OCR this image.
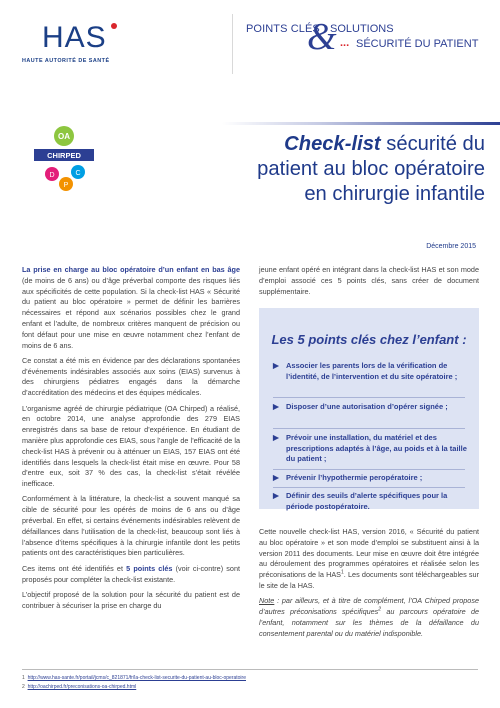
HAS
HAUTE AUTORITÉ DE SANTÉ
POINTS CLÉS
&
SOLUTIONS
SÉCURITÉ DU PATIENT
...
OA
CHIRPED
D
P
C
Check-list sécurité du
patient au bloc opératoire
en chirurgie infantile
Décembre 2015

La prise en charge au bloc opératoire d’un enfant en bas âge (de moins de 6 ans) ou d’âge préverbal comporte des risques liés aux spécificités de cette population. Si la check-list HAS « Sécurité du patient au bloc opératoire » permet de définir les barrières nécessaires et répond aux scénarios possibles chez le grand enfant et l’adulte, de nombreux critères manquent de précision ou font défaut pour une mise en œuvre notamment chez l’enfant de moins de 6 ans.

Ce constat a été mis en évidence par des déclarations spontanées d’événements indésirables associés aux soins (EIAS) survenus à des chirurgiens pédiatres engagés dans la démarche d’accréditation des médecins et des équipes médicales.

L’organisme agréé de chirurgie pédiatrique (OA Chirped) a réalisé, en octobre 2014, une analyse approfondie des 279 EIAS enregistrés dans sa base de retour d’expérience. En étudiant de manière plus approfondie ces EIAS, sous l’angle de l’efficacité de la check-list HAS à prévenir ou à atténuer un EIAS, 157 EIAS ont été identifiés dans lesquels la check-list était mise en œuvre. Pour 58 d’entre eux, soit 37 % des cas, la check-list s’était révélée inefficace.

Conformément à la littérature, la check-list a souvent manqué sa cible de sécurité pour les opérés de moins de 6 ans ou d’âge préverbal. En effet, si certains événements indésirables relèvent de défaillances dans l’utilisation de la check-list, beaucoup sont liés à l’absence d’items spécifiques à la chirurgie infantile dont les petits patients ont des caractéristiques bien particulières.

Ces items ont été identifiés et 5 points clés (voir ci-contre) sont proposés pour compléter la check-list existante.

L’objectif proposé de la solution pour la sécurité du patient est de contribuer à sécuriser la prise en charge du

jeune enfant opéré en intégrant dans la check-list HAS et son mode d’emploi associé ces 5 points clés, sans créer de document supplémentaire.

Les 5 points clés chez l’enfant :
▶ Associer les parents lors de la vérification de l’identité, de l’intervention et du site opératoire ;
▶ Disposer d’une autorisation d’opérer signée ;
▶ Prévoir une installation, du matériel et des prescriptions adaptés à l’âge, au poids et à la taille du patient ;
▶ Prévenir l’hypothermie peropératoire ;
▶ Définir des seuils d’alerte spécifiques pour la période postopératoire.

Cette nouvelle check-list HAS, version 2016, « Sécurité du patient au bloc opératoire » et son mode d’emploi se substituent ainsi à la version 2011 des documents. Leur mise en œuvre doit être intégrée au déroulement des programmes opératoires et réalisée selon les préconisations de la HAS$^1$. Les documents sont téléchargeables sur le site de la HAS.

Note : par ailleurs, et à titre de complément, l’OA Chirped propose d’autres préconisations spécifiques$^2$ au parcours opératoire de l’enfant, notamment sur les thèmes de la défaillance du consentement parental ou du matériel indisponible.

1 http://www.has-sante.fr/portail/jcms/c_821871/fr/la-check-list-securite-du-patient-au-bloc-operatoire
2 http://oachirped.fr/preconisations-oa-chirped.html
